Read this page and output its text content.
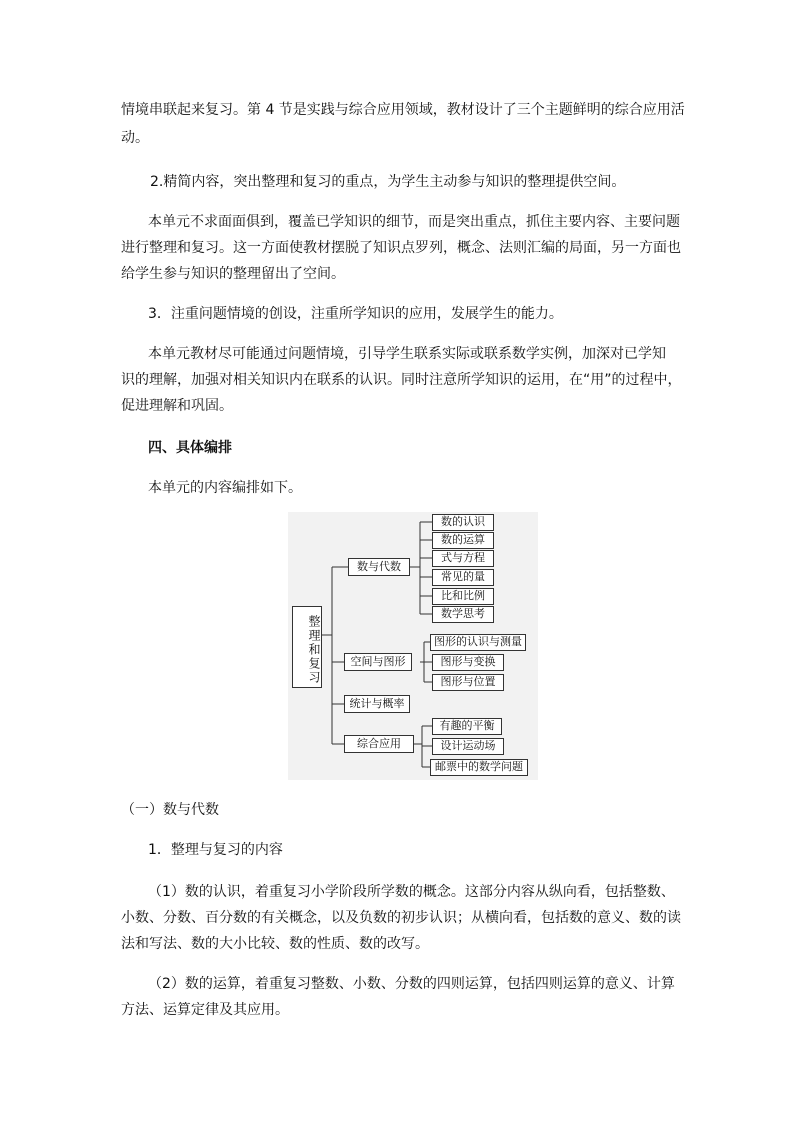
情境串联起来复习。第 4 节是实践与综合应用领域，教材设计了三个主题鲜明的综合应用活
动。
2.精简内容，突出整理和复习的重点，为学生主动参与知识的整理提供空间。
本单元不求面面俱到，覆盖已学知识的细节，而是突出重点，抓住主要内容、主要问题
进行整理和复习。这一方面使教材摆脱了知识点罗列，概念、法则汇编的局面，另一方面也
给学生参与知识的整理留出了空间。
3．注重问题情境的创设，注重所学知识的应用，发展学生的能力。
本单元教材尽可能通过问题情境，引导学生联系实际或联系数学实例，加深对已学知
识的理解，加强对相关知识内在联系的认识。同时注意所学知识的运用，在“用”的过程中，
促进理解和巩固。
四、具体编排
本单元的内容编排如下。
整理和复习
数与代数
空间与图形
统计与概率
综合应用
数的认识
数的运算
式与方程
常见的量
比和比例
数学思考
图形的认识与测量
图形与变换
图形与位置
有趣的平衡
设计运动场
邮票中的数学问题
（一）数与代数
1．整理与复习的内容
（1）数的认识，着重复习小学阶段所学数的概念。这部分内容从纵向看，包括整数、
小数、分数、百分数的有关概念，以及负数的初步认识；从横向看，包括数的意义、数的读
法和写法、数的大小比较、数的性质、数的改写。
（2）数的运算，着重复习整数、小数、分数的四则运算，包括四则运算的意义、计算
方法、运算定律及其应用。
